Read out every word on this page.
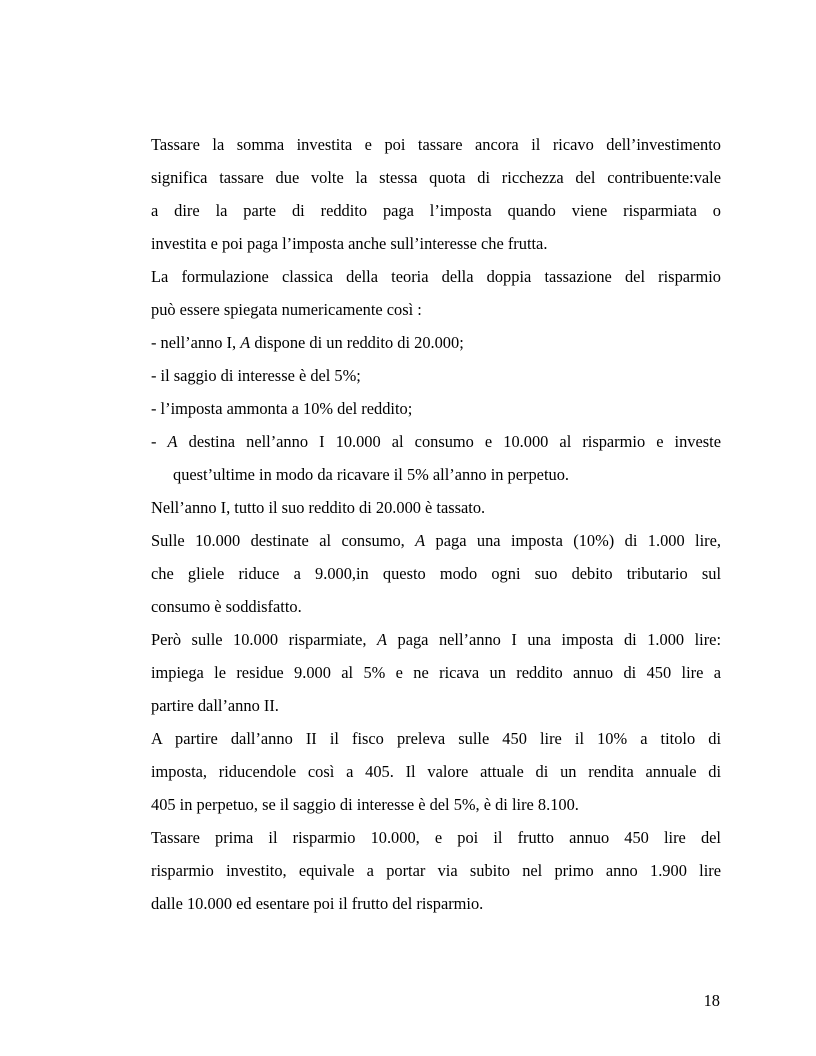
Tassare la somma investita e poi tassare ancora il ricavo dell’investimento
significa tassare due volte la stessa quota di ricchezza del contribuente:vale
a dire la parte di reddito paga l’imposta quando viene risparmiata o
investita e poi paga l’imposta anche sull’interesse che frutta.
La formulazione classica della teoria della doppia tassazione del risparmio
può essere spiegata numericamente così :
- nell’anno I, A dispone di un reddito di 20.000;
- il saggio di interesse è del 5%;
- l’imposta ammonta a 10% del reddito;
- A destina nell’anno I 10.000 al consumo e 10.000 al risparmio e investe
quest’ultime in modo da ricavare il 5% all’anno in perpetuo.
Nell’anno I, tutto il suo reddito di 20.000 è tassato.
Sulle 10.000 destinate al consumo, A paga una imposta (10%) di 1.000 lire,
che gliele riduce a 9.000,in questo modo ogni suo debito tributario sul
consumo è soddisfatto.
Però sulle 10.000 risparmiate, A paga nell’anno I una imposta di 1.000 lire:
impiega le residue 9.000 al 5% e ne ricava un reddito annuo di 450 lire a
partire dall’anno II.
A partire dall’anno II il fisco preleva sulle 450 lire il 10% a titolo di
imposta, riducendole così a 405. Il valore attuale di un rendita annuale di
405 in perpetuo, se il saggio di interesse è del 5%, è di lire 8.100.
Tassare prima il risparmio 10.000, e poi il frutto annuo 450 lire del
risparmio investito, equivale a portar via subito nel primo anno 1.900 lire
dalle 10.000 ed esentare poi il frutto del risparmio.
18
